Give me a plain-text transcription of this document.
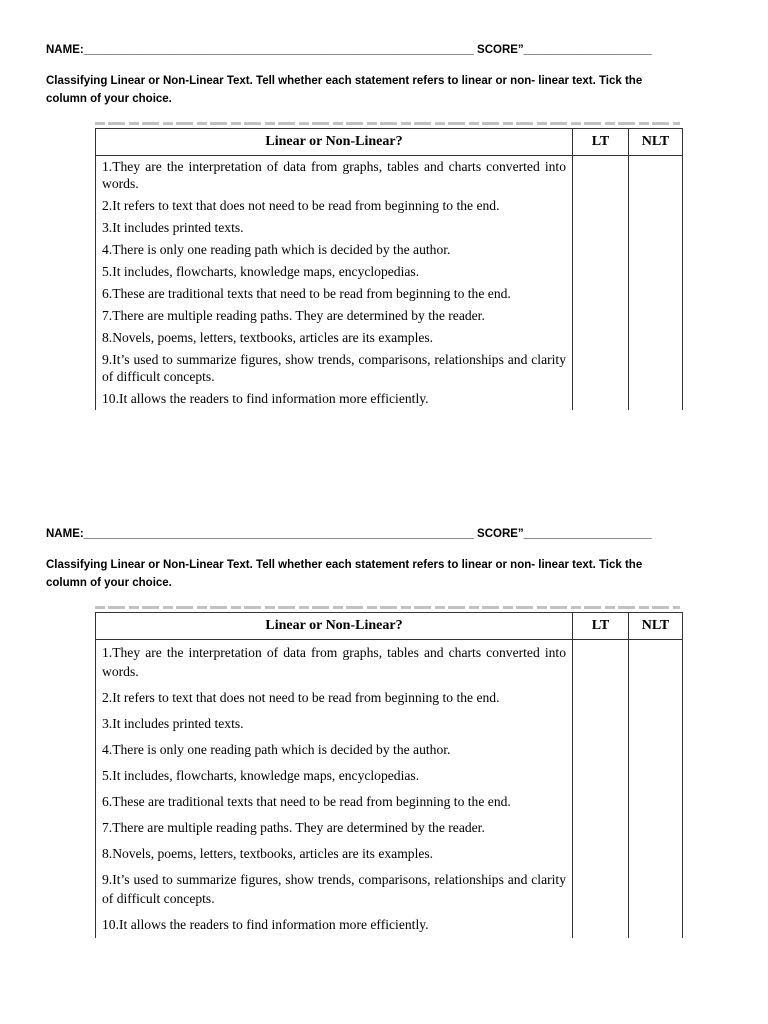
NAME:_____________________________________________________________ SCORE”____________________
Classifying Linear or Non-Linear Text. Tell whether each statement refers to linear or non- linear text. Tick the column of your choice.
Linear or Non-Linear?	LT	NLT
1.They are the interpretation of data from graphs, tables and charts converted into words.		
2.It refers to text that does not need to be read from beginning to the end.		
3.It includes printed texts.		
4.There is only one reading path which is decided by the author.		
5.It includes, flowcharts, knowledge maps, encyclopedias.		
6.These are traditional texts that need to be read from beginning to the end.		
7.There are multiple reading paths. They are determined by the reader.		
8.Novels, poems, letters, textbooks, articles are its examples.		
9.It’s used to summarize figures, show trends, comparisons, relationships and clarity of difficult concepts.		
10.It allows the readers to find information more efficiently.		
NAME:_____________________________________________________________ SCORE”____________________
Classifying Linear or Non-Linear Text. Tell whether each statement refers to linear or non- linear text. Tick the column of your choice.
Linear or Non-Linear?	LT	NLT
1.They are the interpretation of data from graphs, tables and charts converted into words.		
2.It refers to text that does not need to be read from beginning to the end.		
3.It includes printed texts.		
4.There is only one reading path which is decided by the author.		
5.It includes, flowcharts, knowledge maps, encyclopedias.		
6.These are traditional texts that need to be read from beginning to the end.		
7.There are multiple reading paths. They are determined by the reader.		
8.Novels, poems, letters, textbooks, articles are its examples.		
9.It’s used to summarize figures, show trends, comparisons, relationships and clarity of difficult concepts.		
10.It allows the readers to find information more efficiently.		
